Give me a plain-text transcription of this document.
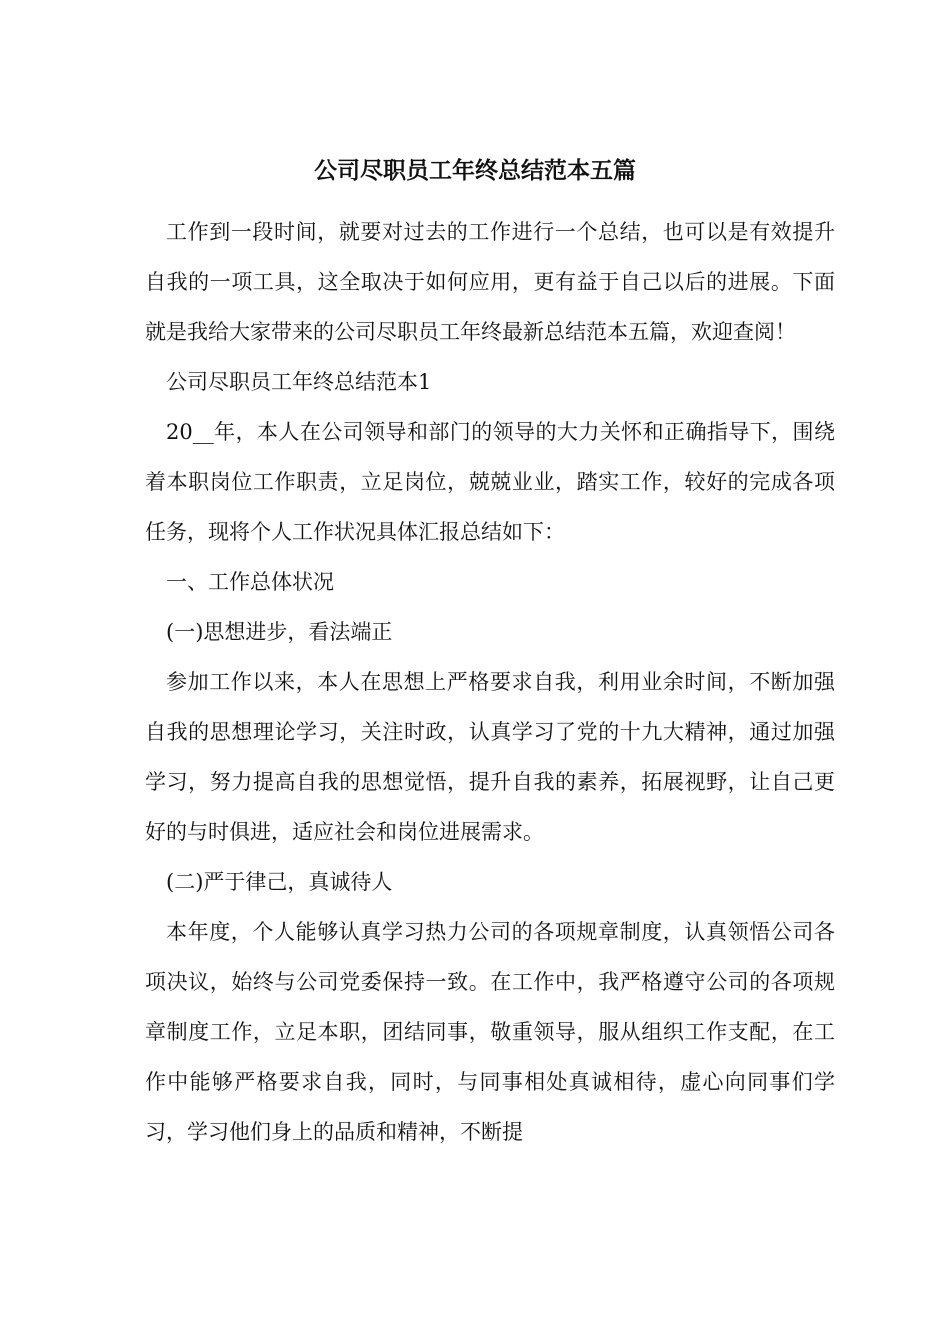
公司尽职员工年终总结范本五篇

工作到一段时间，就要对过去的工作进行一个总结，也可以是有效提升自我的一项工具，这全取决于如何应用，更有益于自己以后的进展。下面就是我给大家带来的公司尽职员工年终最新总结范本五篇，欢迎查阅！

公司尽职员工年终总结范本1

20__年，本人在公司领导和部门的领导的大力关怀和正确指导下，围绕着本职岗位工作职责，立足岗位，兢兢业业，踏实工作，较好的完成各项任务，现将个人工作状况具体汇报总结如下：

一、工作总体状况

(一)思想进步，看法端正

参加工作以来，本人在思想上严格要求自我，利用业余时间，不断加强自我的思想理论学习，关注时政，认真学习了党的十九大精神，通过加强学习，努力提高自我的思想觉悟，提升自我的素养，拓展视野，让自己更好的与时俱进，适应社会和岗位进展需求。

(二)严于律己，真诚待人

本年度，个人能够认真学习热力公司的各项规章制度，认真领悟公司各项决议，始终与公司党委保持一致。在工作中，我严格遵守公司的各项规章制度工作，立足本职，团结同事，敬重领导，服从组织工作支配，在工作中能够严格要求自我，同时，与同事相处真诚相待，虚心向同事们学习，学习他们身上的品质和精神，不断提
